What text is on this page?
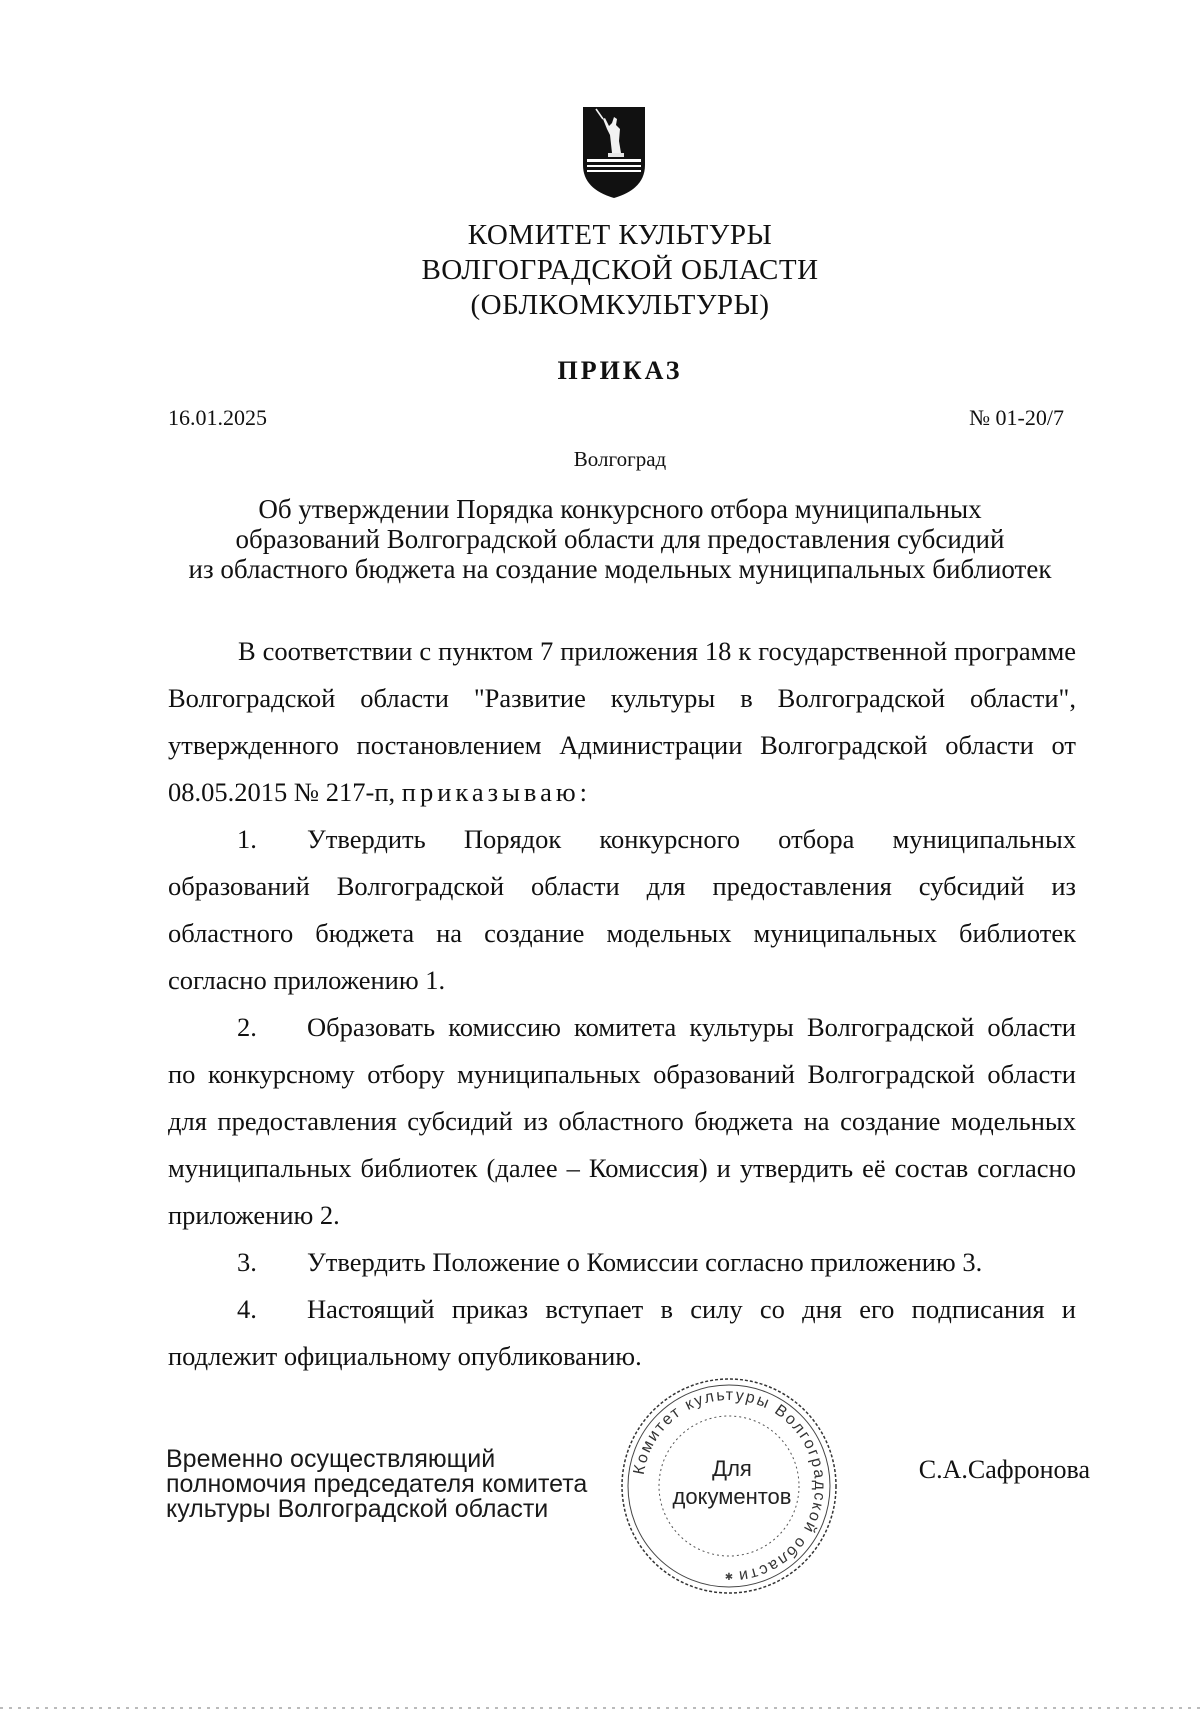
КОМИТЕТ КУЛЬТУРЫ
ВОЛГОГРАДСКОЙ ОБЛАСТИ
(ОБЛКОМКУЛЬТУРЫ)
ПРИКАЗ
16.01.2025	№ 01-20/7
Волгоград
Об утверждении Порядка конкурсного отбора муниципальных
образований Волгоградской области для предоставления субсидий
из областного бюджета на создание модельных муниципальных библиотек

В соответствии с пунктом 7 приложения 18 к государственной программе Волгоградской области "Развитие культуры в Волгоградской области", утвержденного постановлением Администрации Волгоградской области от 08.05.2015 № 217-п, приказываю:

1. Утвердить Порядок конкурсного отбора муниципальных образований Волгоградской области для предоставления субсидий из областного бюджета на создание модельных муниципальных библиотек согласно приложению 1.

2. Образовать комиссию комитета культуры Волгоградской области по конкурсному отбору муниципальных образований Волгоградской области для предоставления субсидий из областного бюджета на создание модельных муниципальных библиотек (далее – Комиссия) и утвердить её состав согласно приложению 2.

3. Утвердить Положение о Комиссии согласно приложению 3.

4. Настоящий приказ вступает в силу со дня его подписания и подлежит официальному опубликованию.

Временно осуществляющий
полномочия председателя комитета
культуры Волгоградской области
Комитет культуры Волгоградской области
✱
Для
документов
С.А.Сафронова
